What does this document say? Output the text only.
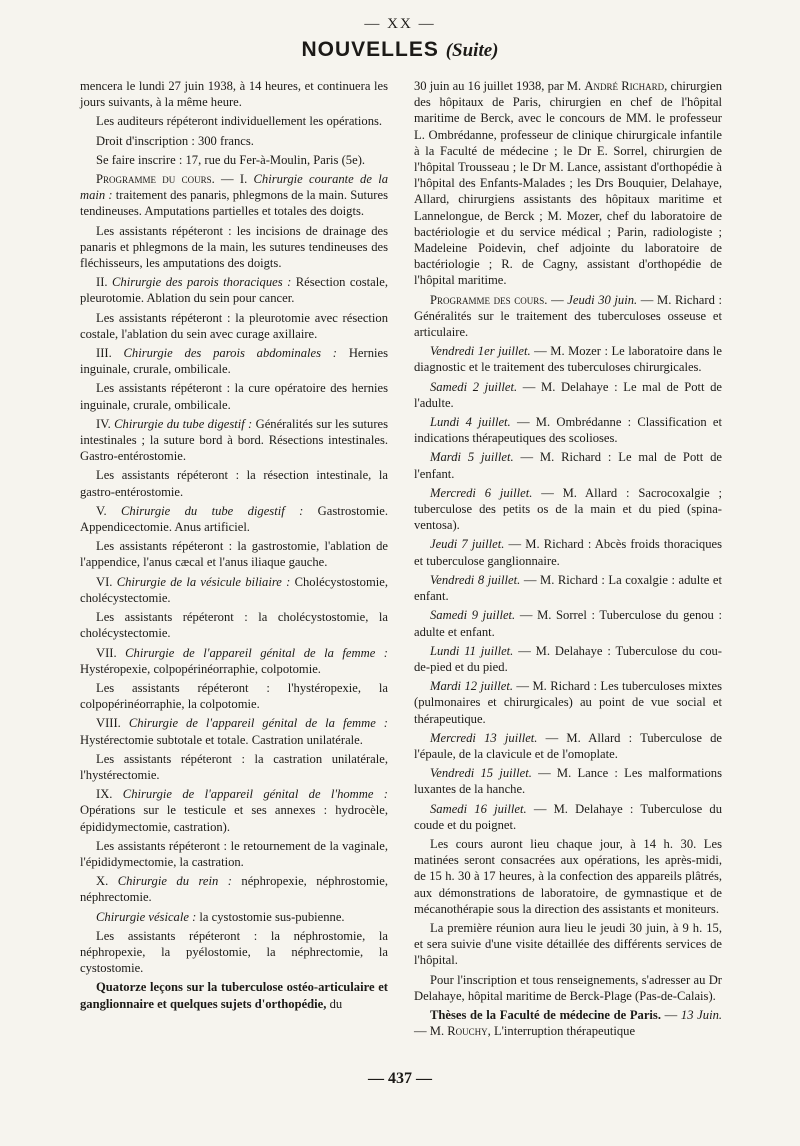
— XX —
NOUVELLES (Suite)

mencera le lundi 27 juin 1938, à 14 heures, et continuera les jours suivants, à la même heure.

Les auditeurs répéteront individuellement les opérations.

Droit d'inscription : 300 francs.

Se faire inscrire : 17, rue du Fer-à-Moulin, Paris (5e).

Programme du cours. — I. Chirurgie courante de la main : traitement des panaris, phlegmons de la main. Sutures tendineuses. Amputations partielles et totales des doigts.

Les assistants répéteront : les incisions de drainage des panaris et phlegmons de la main, les sutures tendineuses des fléchisseurs, les amputations des doigts.

II. Chirurgie des parois thoraciques : Résection costale, pleurotomie. Ablation du sein pour cancer.

Les assistants répéteront : la pleurotomie avec résection costale, l'ablation du sein avec curage axillaire.

III. Chirurgie des parois abdominales : Hernies inguinale, crurale, ombilicale.

Les assistants répéteront : la cure opératoire des hernies inguinale, crurale, ombilicale.

IV. Chirurgie du tube digestif : Généralités sur les sutures intestinales ; la suture bord à bord. Résections intestinales. Gastro-entérostomie.

Les assistants répéteront : la résection intestinale, la gastro-entérostomie.

V. Chirurgie du tube digestif : Gastrostomie. Appendicectomie. Anus artificiel.

Les assistants répéteront : la gastrostomie, l'ablation de l'appendice, l'anus cæcal et l'anus iliaque gauche.

VI. Chirurgie de la vésicule biliaire : Cholécystostomie, cholécystectomie.

Les assistants répéteront : la cholécystostomie, la cholécystectomie.

VII. Chirurgie de l'appareil génital de la femme : Hystéropexie, colpopérinéorraphie, colpotomie.

Les assistants répéteront : l'hystéropexie, la colpopérinéorraphie, la colpotomie.

VIII. Chirurgie de l'appareil génital de la femme : Hystérectomie subtotale et totale. Castration unilatérale.

Les assistants répéteront : la castration unilatérale, l'hystérectomie.

IX. Chirurgie de l'appareil génital de l'homme : Opérations sur le testicule et ses annexes : hydrocèle, épididymectomie, castration).

Les assistants répéteront : le retournement de la vaginale, l'épididymectomie, la castration.

X. Chirurgie du rein : néphropexie, néphrostomie, néphrectomie.

Chirurgie vésicale : la cystostomie sus-pubienne.

Les assistants répéteront : la néphrostomie, la néphropexie, la pyélostomie, la néphrectomie, la cystostomie.

Quatorze leçons sur la tuberculose ostéo-articulaire et ganglionnaire et quelques sujets d'orthopédie, du

30 juin au 16 juillet 1938, par M. André Richard, chirurgien des hôpitaux de Paris, chirurgien en chef de l'hôpital maritime de Berck, avec le concours de MM. le professeur L. Ombrédanne, professeur de clinique chirurgicale infantile à la Faculté de médecine ; le Dr E. Sorrel, chirurgien de l'hôpital Trousseau ; le Dr M. Lance, assistant d'orthopédie à l'hôpital des Enfants-Malades ; les Drs Bouquier, Delahaye, Allard, chirurgiens assistants des hôpitaux maritime et Lannelongue, de Berck ; M. Mozer, chef du laboratoire de bactériologie et du service médical ; Parin, radiologiste ; Madeleine Poidevin, chef adjointe du laboratoire de bactériologie ; R. de Cagny, assistant d'orthopédie de l'hôpital maritime.

Programme des cours. — Jeudi 30 juin. — M. Richard : Généralités sur le traitement des tuberculoses osseuse et articulaire.

Vendredi 1er juillet. — M. Mozer : Le laboratoire dans le diagnostic et le traitement des tuberculoses chirurgicales.

Samedi 2 juillet. — M. Delahaye : Le mal de Pott de l'adulte.

Lundi 4 juillet. — M. Ombrédanne : Classification et indications thérapeutiques des scolioses.

Mardi 5 juillet. — M. Richard : Le mal de Pott de l'enfant.

Mercredi 6 juillet. — M. Allard : Sacrocoxalgie ; tuberculose des petits os de la main et du pied (spina-ventosa).

Jeudi 7 juillet. — M. Richard : Abcès froids thoraciques et tuberculose ganglionnaire.

Vendredi 8 juillet. — M. Richard : La coxalgie : adulte et enfant.

Samedi 9 juillet. — M. Sorrel : Tuberculose du genou : adulte et enfant.

Lundi 11 juillet. — M. Delahaye : Tuberculose du cou-de-pied et du pied.

Mardi 12 juillet. — M. Richard : Les tuberculoses mixtes (pulmonaires et chirurgicales) au point de vue social et thérapeutique.

Mercredi 13 juillet. — M. Allard : Tuberculose de l'épaule, de la clavicule et de l'omoplate.

Vendredi 15 juillet. — M. Lance : Les malformations luxantes de la hanche.

Samedi 16 juillet. — M. Delahaye : Tuberculose du coude et du poignet.

Les cours auront lieu chaque jour, à 14 h. 30. Les matinées seront consacrées aux opérations, les après-midi, de 15 h. 30 à 17 heures, à la confection des appareils plâtrés, aux démonstrations de laboratoire, de gymnastique et de mécanothérapie sous la direction des assistants et moniteurs.

La première réunion aura lieu le jeudi 30 juin, à 9 h. 15, et sera suivie d'une visite détaillée des différents services de l'hôpital.

Pour l'inscription et tous renseignements, s'adresser au Dr Delahaye, hôpital maritime de Berck-Plage (Pas-de-Calais).

Thèses de la Faculté de médecine de Paris. — 13 Juin. — M. Rouchy, L'interruption thérapeutique

— 437 —
